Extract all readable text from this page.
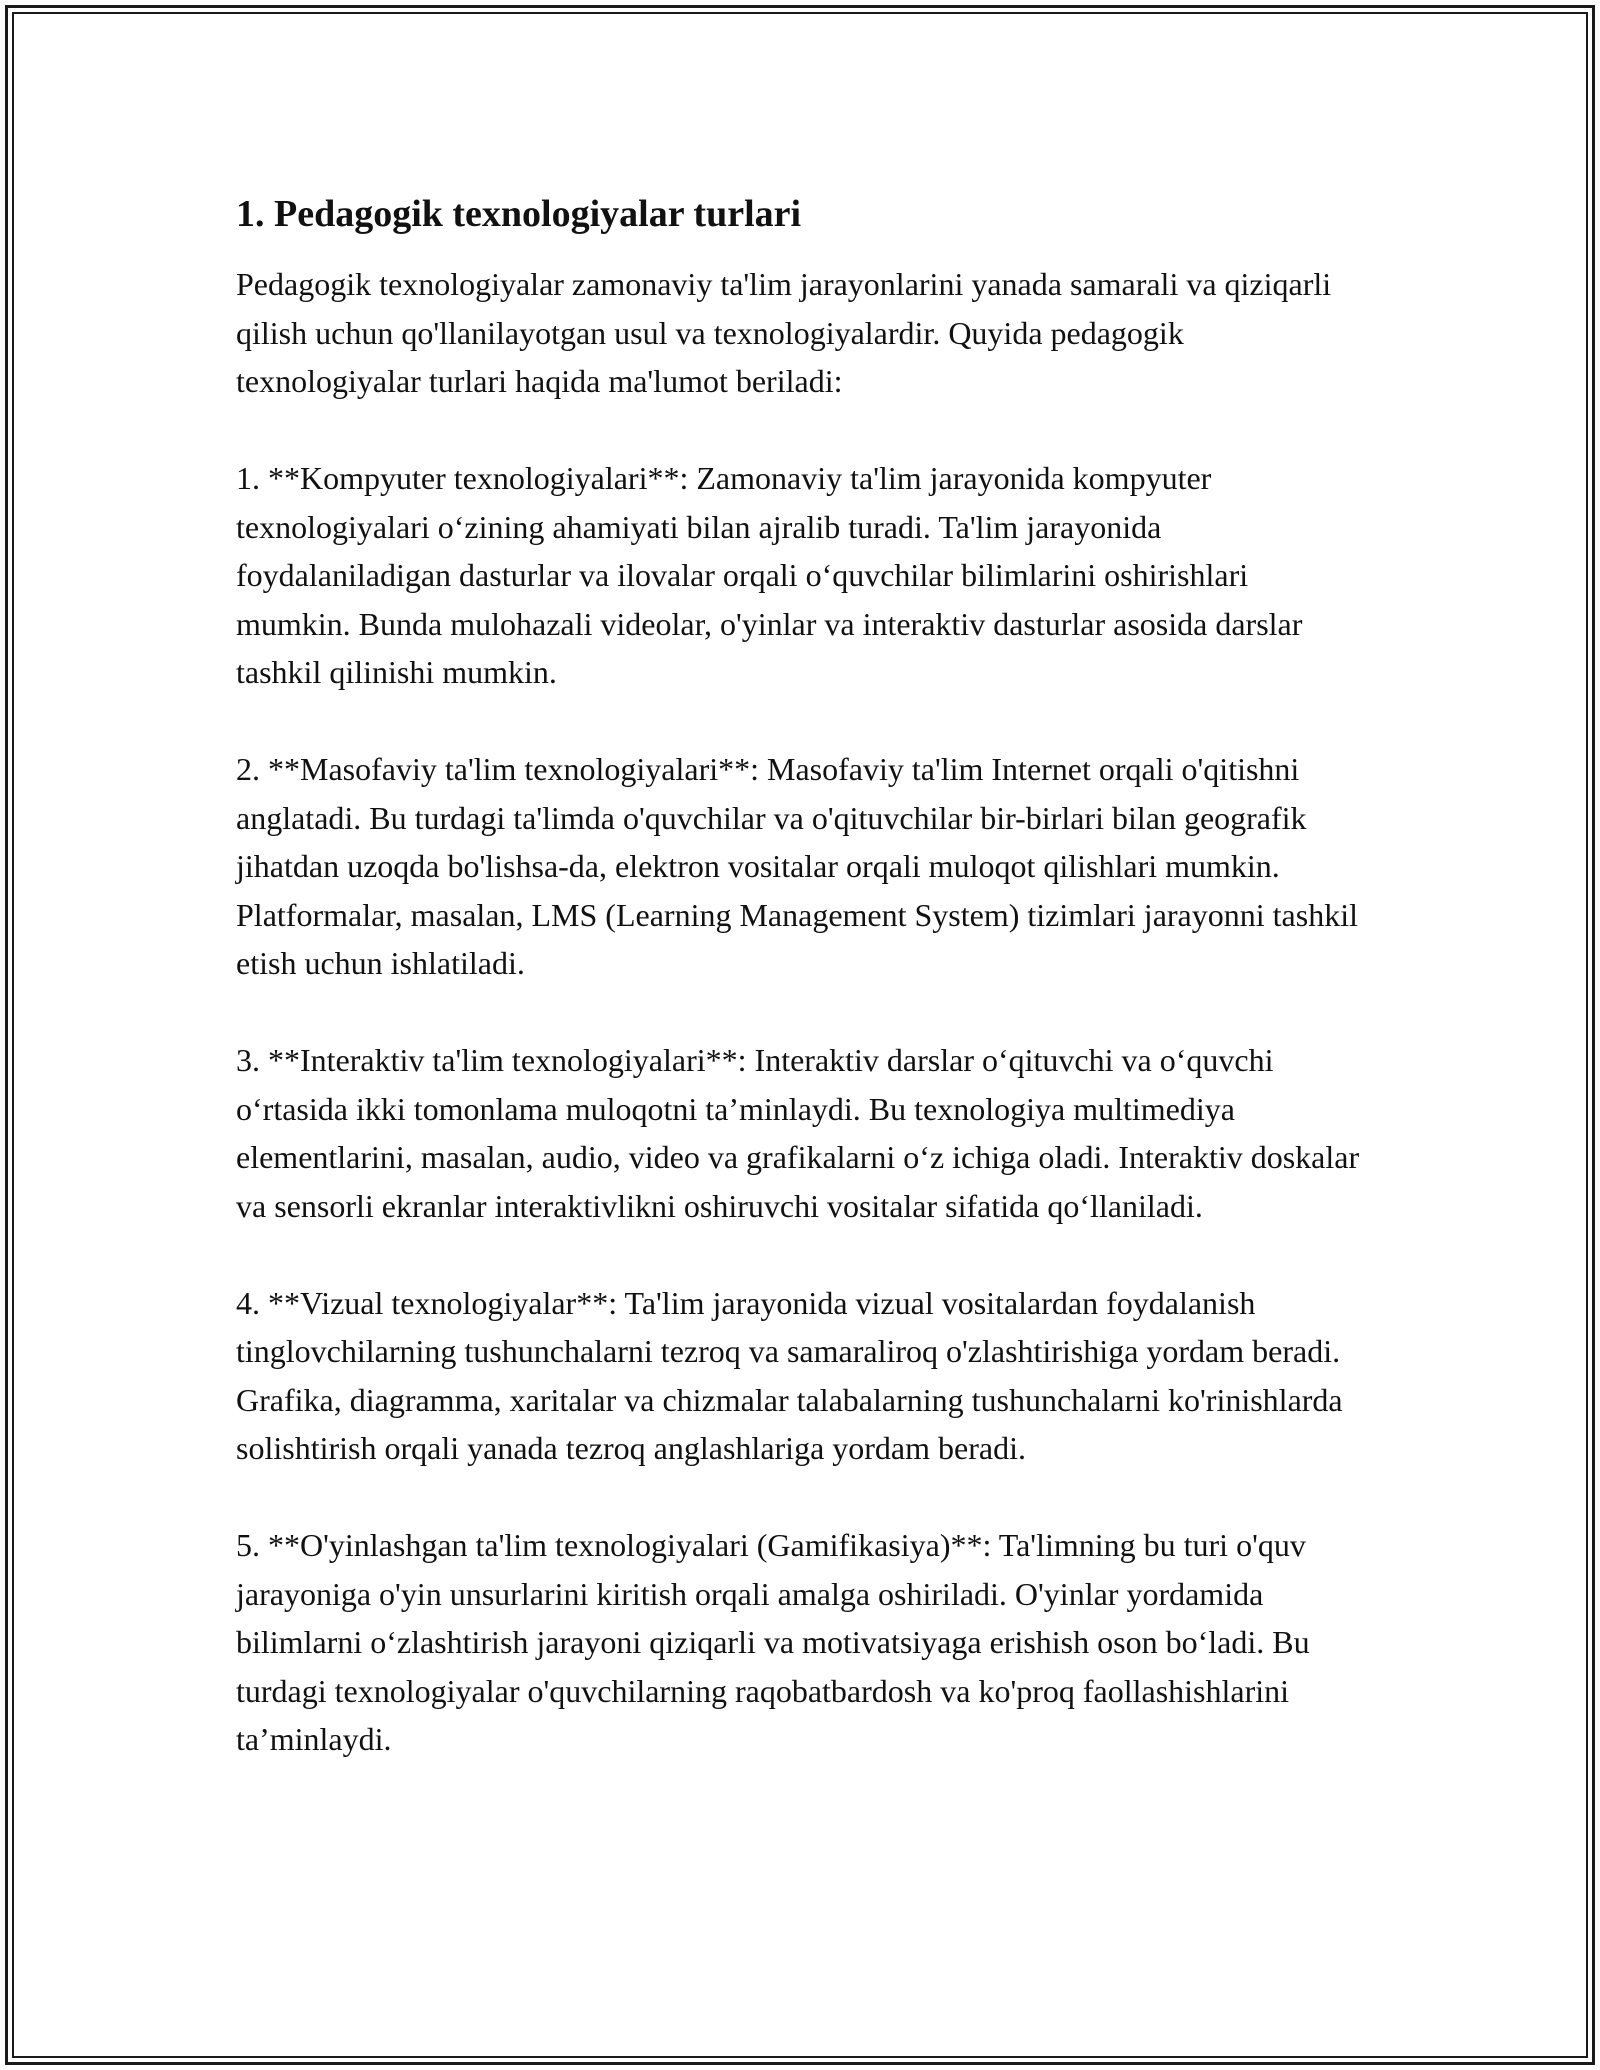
1. Pedagogik texnologiyalar turlari

Pedagogik texnologiyalar zamonaviy ta'lim jarayonlarini yanada samarali va qiziqarli qilish uchun qo'llanilayotgan usul va texnologiyalardir. Quyida pedagogik texnologiyalar turlari haqida ma'lumot beriladi:

1. **Kompyuter texnologiyalari**: Zamonaviy ta'lim jarayonida kompyuter texnologiyalari o‘zining ahamiyati bilan ajralib turadi. Ta'lim jarayonida foydalaniladigan dasturlar va ilovalar orqali o‘quvchilar bilimlarini oshirishlari mumkin. Bunda mulohazali videolar, o'yinlar va interaktiv dasturlar asosida darslar tashkil qilinishi mumkin.

2. **Masofaviy ta'lim texnologiyalari**: Masofaviy ta'lim Internet orqali o'qitishni anglatadi. Bu turdagi ta'limda o'quvchilar va o'qituvchilar bir-birlari bilan geografik jihatdan uzoqda bo'lishsa-da, elektron vositalar orqali muloqot qilishlari mumkin. Platformalar, masalan, LMS (Learning Management System) tizimlari jarayonni tashkil etish uchun ishlatiladi.

3. **Interaktiv ta'lim texnologiyalari**: Interaktiv darslar o‘qituvchi va o‘quvchi o‘rtasida ikki tomonlama muloqotni ta’minlaydi. Bu texnologiya multimediya elementlarini, masalan, audio, video va grafikalarni o‘z ichiga oladi. Interaktiv doskalar va sensorli ekranlar interaktivlikni oshiruvchi vositalar sifatida qo‘llaniladi.

4. **Vizual texnologiyalar**: Ta'lim jarayonida vizual vositalardan foydalanish tinglovchilarning tushunchalarni tezroq va samaraliroq o'zlashtirishiga yordam beradi. Grafika, diagramma, xaritalar va chizmalar talabalarning tushunchalarni ko'rinishlarda solishtirish orqali yanada tezroq anglashlariga yordam beradi.

5. **O'yinlashgan ta'lim texnologiyalari (Gamifikasiya)**: Ta'limning bu turi o'quv jarayoniga o'yin unsurlarini kiritish orqali amalga oshiriladi. O'yinlar yordamida bilimlarni o‘zlashtirish jarayoni qiziqarli va motivatsiyaga erishish oson bo‘ladi. Bu turdagi texnologiyalar o'quvchilarning raqobatbardosh va ko'proq faollashishlarini ta’minlaydi.
